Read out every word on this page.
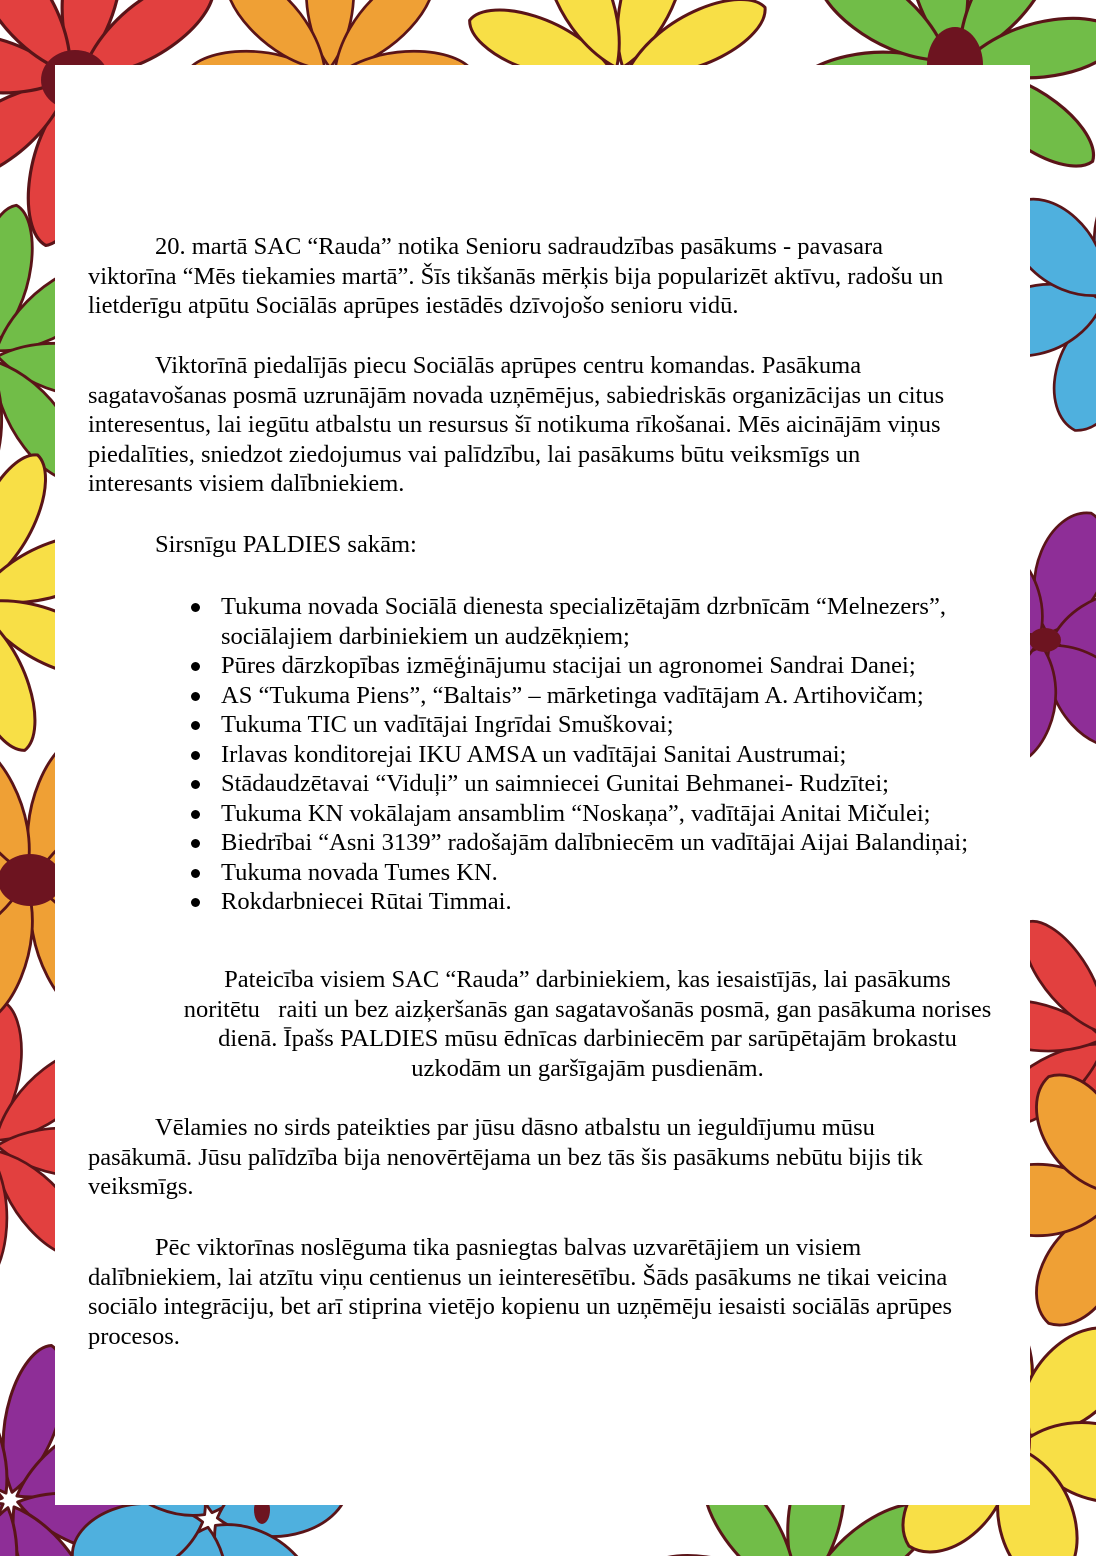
20. martā SAC “Rauda” notika Senioru sadraudzības pasākums - pavasara
viktorīna “Mēs tiekamies martā”. Šīs tikšanās mērķis bija popularizēt aktīvu, radošu un
lietderīgu atpūtu Sociālās aprūpes iestādēs dzīvojošo senioru vidū.
Viktorīnā piedalījās piecu Sociālās aprūpes centru komandas. Pasākuma
sagatavošanas posmā uzrunājām novada uzņēmējus, sabiedriskās organizācijas un citus
interesentus, lai iegūtu atbalstu un resursus šī notikuma rīkošanai. Mēs aicinājām viņus
piedalīties, sniedzot ziedojumus vai palīdzību, lai pasākums būtu veiksmīgs un
interesants visiem dalībniekiem.
Sirsnīgu PALDIES sakām:
Tukuma novada Sociālā dienesta specializētajām dzrbnīcām “Melnezers”,
sociālajiem darbiniekiem un audzēkņiem;
Pūres dārzkopības izmēģinājumu stacijai un agronomei Sandrai Danei;
AS “Tukuma Piens”, “Baltais” – mārketinga vadītājam A. Artihovičam;
Tukuma TIC un vadītājai Ingrīdai Smuškovai;
Irlavas konditorejai IKU AMSA un vadītājai Sanitai Austrumai;
Stādaudzētavai “Viduļi” un saimniecei Gunitai Behmanei- Rudzītei;
Tukuma KN vokālajam ansamblim “Noskaņa”, vadītājai Anitai Mičulei;
Biedrībai “Asni 3139” radošajām dalībniecēm un vadītājai Aijai Balandiņai;
Tukuma novada Tumes KN.
Rokdarbniecei Rūtai Timmai.
Pateicība visiem SAC “Rauda” darbiniekiem, kas iesaistījās, lai pasākums
noritētu   raiti un bez aizķeršanās gan sagatavošanās posmā, gan pasākuma norises
dienā. Īpašs PALDIES mūsu ēdnīcas darbiniecēm par sarūpētajām brokastu
uzkodām un garšīgajām pusdienām.
Vēlamies no sirds pateikties par jūsu dāsno atbalstu un ieguldījumu mūsu
pasākumā. Jūsu palīdzība bija nenovērtējama un bez tās šis pasākums nebūtu bijis tik
veiksmīgs.
Pēc viktorīnas noslēguma tika pasniegtas balvas uzvarētājiem un visiem
dalībniekiem, lai atzītu viņu centienus un ieinteresētību. Šāds pasākums ne tikai veicina
sociālo integrāciju, bet arī stiprina vietējo kopienu un uzņēmēju iesaisti sociālās aprūpes
procesos.
